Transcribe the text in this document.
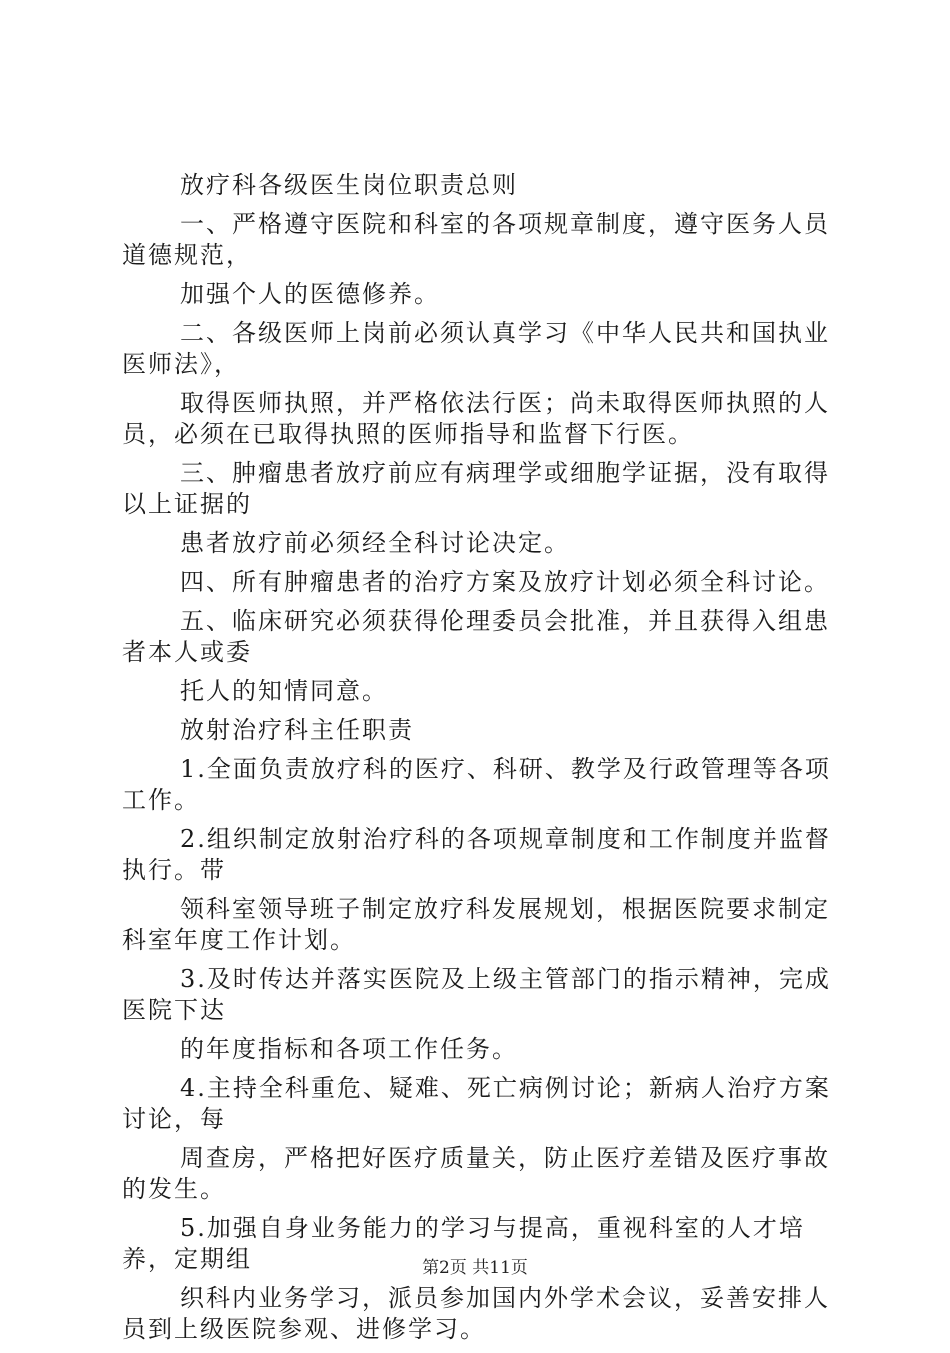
放疗科各级医生岗位职责总则

一、严格遵守医院和科室的各项规章制度，遵守医务人员道德规范，

加强个人的医德修养。

二、各级医师上岗前必须认真学习《中华人民共和国执业医师法》，

取得医师执照，并严格依法行医；尚未取得医师执照的人员，必须在已取得执照的医师指导和监督下行医。

三、肿瘤患者放疗前应有病理学或细胞学证据，没有取得以上证据的

患者放疗前必须经全科讨论决定。

四、所有肿瘤患者的治疗方案及放疗计划必须全科讨论。

五、临床研究必须获得伦理委员会批准，并且获得入组患者本人或委

托人的知情同意。

放射治疗科主任职责

1.全面负责放疗科的医疗、科研、教学及行政管理等各项工作。

2.组织制定放射治疗科的各项规章制度和工作制度并监督执行。带

领科室领导班子制定放疗科发展规划，根据医院要求制定科室年度工作计划。

3.及时传达并落实医院及上级主管部门的指示精神，完成医院下达

的年度指标和各项工作任务。

4.主持全科重危、疑难、死亡病例讨论；新病人治疗方案讨论，每

周查房，严格把好医疗质量关，防止医疗差错及医疗事故的发生。

5.加强自身业务能力的学习与提高，重视科室的人才培养，定期组

织科内业务学习，派员参加国内外学术会议，妥善安排人员到上级医院参观、进修学习。

第2页 共11页
